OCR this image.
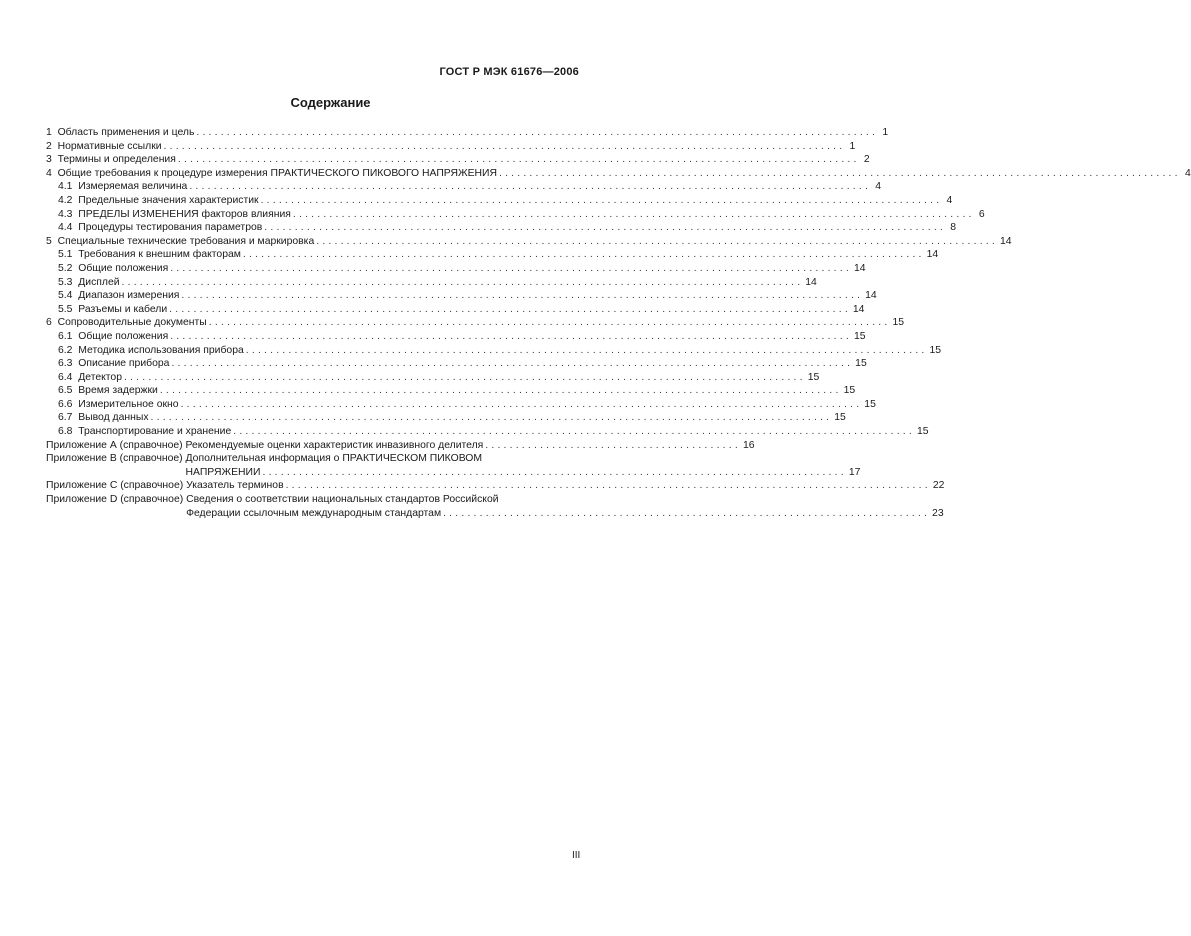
ГОСТ Р МЭК 61676—2006
Содержание
1 Область применения и цель ................................................................................................................ 1
2 Нормативные ссылки ................................................................................................................ 1
3 Термины и определения ................................................................................................................ 2
4 Общие требования к процедуре измерения ПРАКТИЧЕСКОГО ПИКОВОГО НАПРЯЖЕНИЯ ................................................................................................................ 4
4.1 Измеряемая величина ................................................................................................................ 4
4.2 Предельные значения характеристик ................................................................................................................ 4
4.3 ПРЕДЕЛЫ ИЗМЕНЕНИЯ факторов влияния ................................................................................................................ 6
4.4 Процедуры тестирования параметров ................................................................................................................ 8
5 Специальные технические требования и маркировка ................................................................................................................ 14
5.1 Требования к внешним факторам ................................................................................................................ 14
5.2 Общие положения ................................................................................................................ 14
5.3 Дисплей ................................................................................................................ 14
5.4 Диапазон измерения ................................................................................................................ 14
5.5 Разъемы и кабели ................................................................................................................ 14
6 Сопроводительные документы ................................................................................................................ 15
6.1 Общие положения ................................................................................................................ 15
6.2 Методика использования прибора ................................................................................................................ 15
6.3 Описание прибора ................................................................................................................ 15
6.4 Детектор ................................................................................................................ 15
6.5 Время задержки ................................................................................................................ 15
6.6 Измерительное окно ................................................................................................................ 15
6.7 Вывод данных ................................................................................................................ 15
6.8 Транспортирование и хранение ................................................................................................................ 15
Приложение А (справочное)
Рекомендуемые оценки характеристик инвазивного делителя .......................................... 16
Приложение В (справочное)
Дополнительная информация о ПРАКТИЧЕСКОМ ПИКОВОМ
НАПРЯЖЕНИИ ................................................................................................ 17
Приложение С (справочное)
Указатель терминов .......................................................................................................... 22
Приложение D (справочное)
Сведения о соответствии национальных стандартов Российской
Федерации ссылочным международным стандартам ................................................................................ 23
III
